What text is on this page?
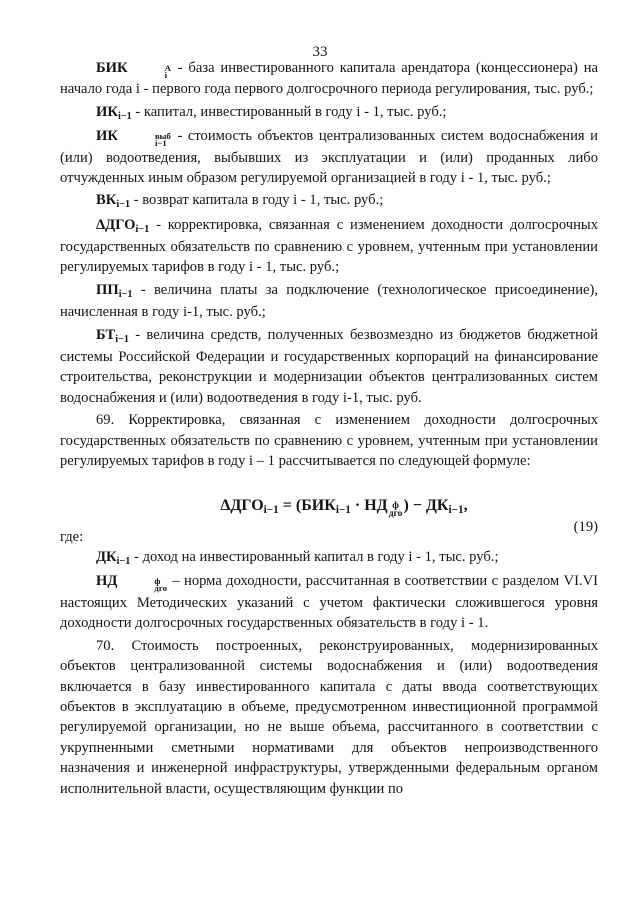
33

БИК	А
i - база инвестированного капитала арендатора (концессионера) на начало года i - первого года первого долгосрочного периода регулирования, тыс. руб.;

$ИК_{i-1}$ - капитал, инвестированный в году i - 1, тыс. руб.;

ИК	выб
i−1 - стоимость объектов централизованных систем водоснабжения и (или) водоотведения, выбывших из эксплуатации и (или) проданных либо отчужденных иным образом регулируемой организацией в году i - 1, тыс. руб.;

$ВК_{i-1}$ - возврат капитала в году i - 1, тыс. руб.;

$\Delta ДГО_{i-1}$ - корректировка, связанная с изменением доходности долгосрочных государственных обязательств по сравнению с уровнем, учтенным при установлении регулируемых тарифов в году i - 1, тыс. руб.;

$ПП_{i-1}$ - величина платы за подключение (технологическое присоединение), начисленная в году i-1, тыс. руб.;

$БТ_{i-1}$ - величина средств, полученных безвозмездно из бюджетов бюджетной системы Российской Федерации и государственных корпораций на финансирование строительства, реконструкции и модернизации объектов централизованных систем водоснабжения и (или) водоотведения в году i-1, тыс. руб.

69. Корректировка, связанная с изменением доходности долгосрочных государственных обязательств по сравнению с уровнем, учтенным при установлении регулируемых тарифов в году i – 1 рассчитывается по следующей формуле:

$\Delta ДГО_{i-1} = (БИК_{i-1}$ · НД ф
дго ) − $ДК_{i-1}$,
где:
(19)

$ДК_{i-1}$ - доход на инвестированный капитал в году i - 1, тыс. руб.;

НД	ф
дго – норма доходности, рассчитанная в соответствии с разделом VI.VI настоящих Методических указаний с учетом фактически сложившегося уровня доходности долгосрочных государственных обязательств в году i - 1.

70. Стоимость построенных, реконструированных, модернизированных объектов централизованной системы водоснабжения и (или) водоотведения включается в базу инвестированного капитала с даты ввода соответствующих объектов в эксплуатацию в объеме, предусмотренном инвестиционной программой регулируемой организации, но не выше объема, рассчитанного в соответствии с укрупненными сметными нормативами для объектов непроизводственного назначения и инженерной инфраструктуры, утвержденными федеральным органом исполнительной власти, осуществляющим функции по
